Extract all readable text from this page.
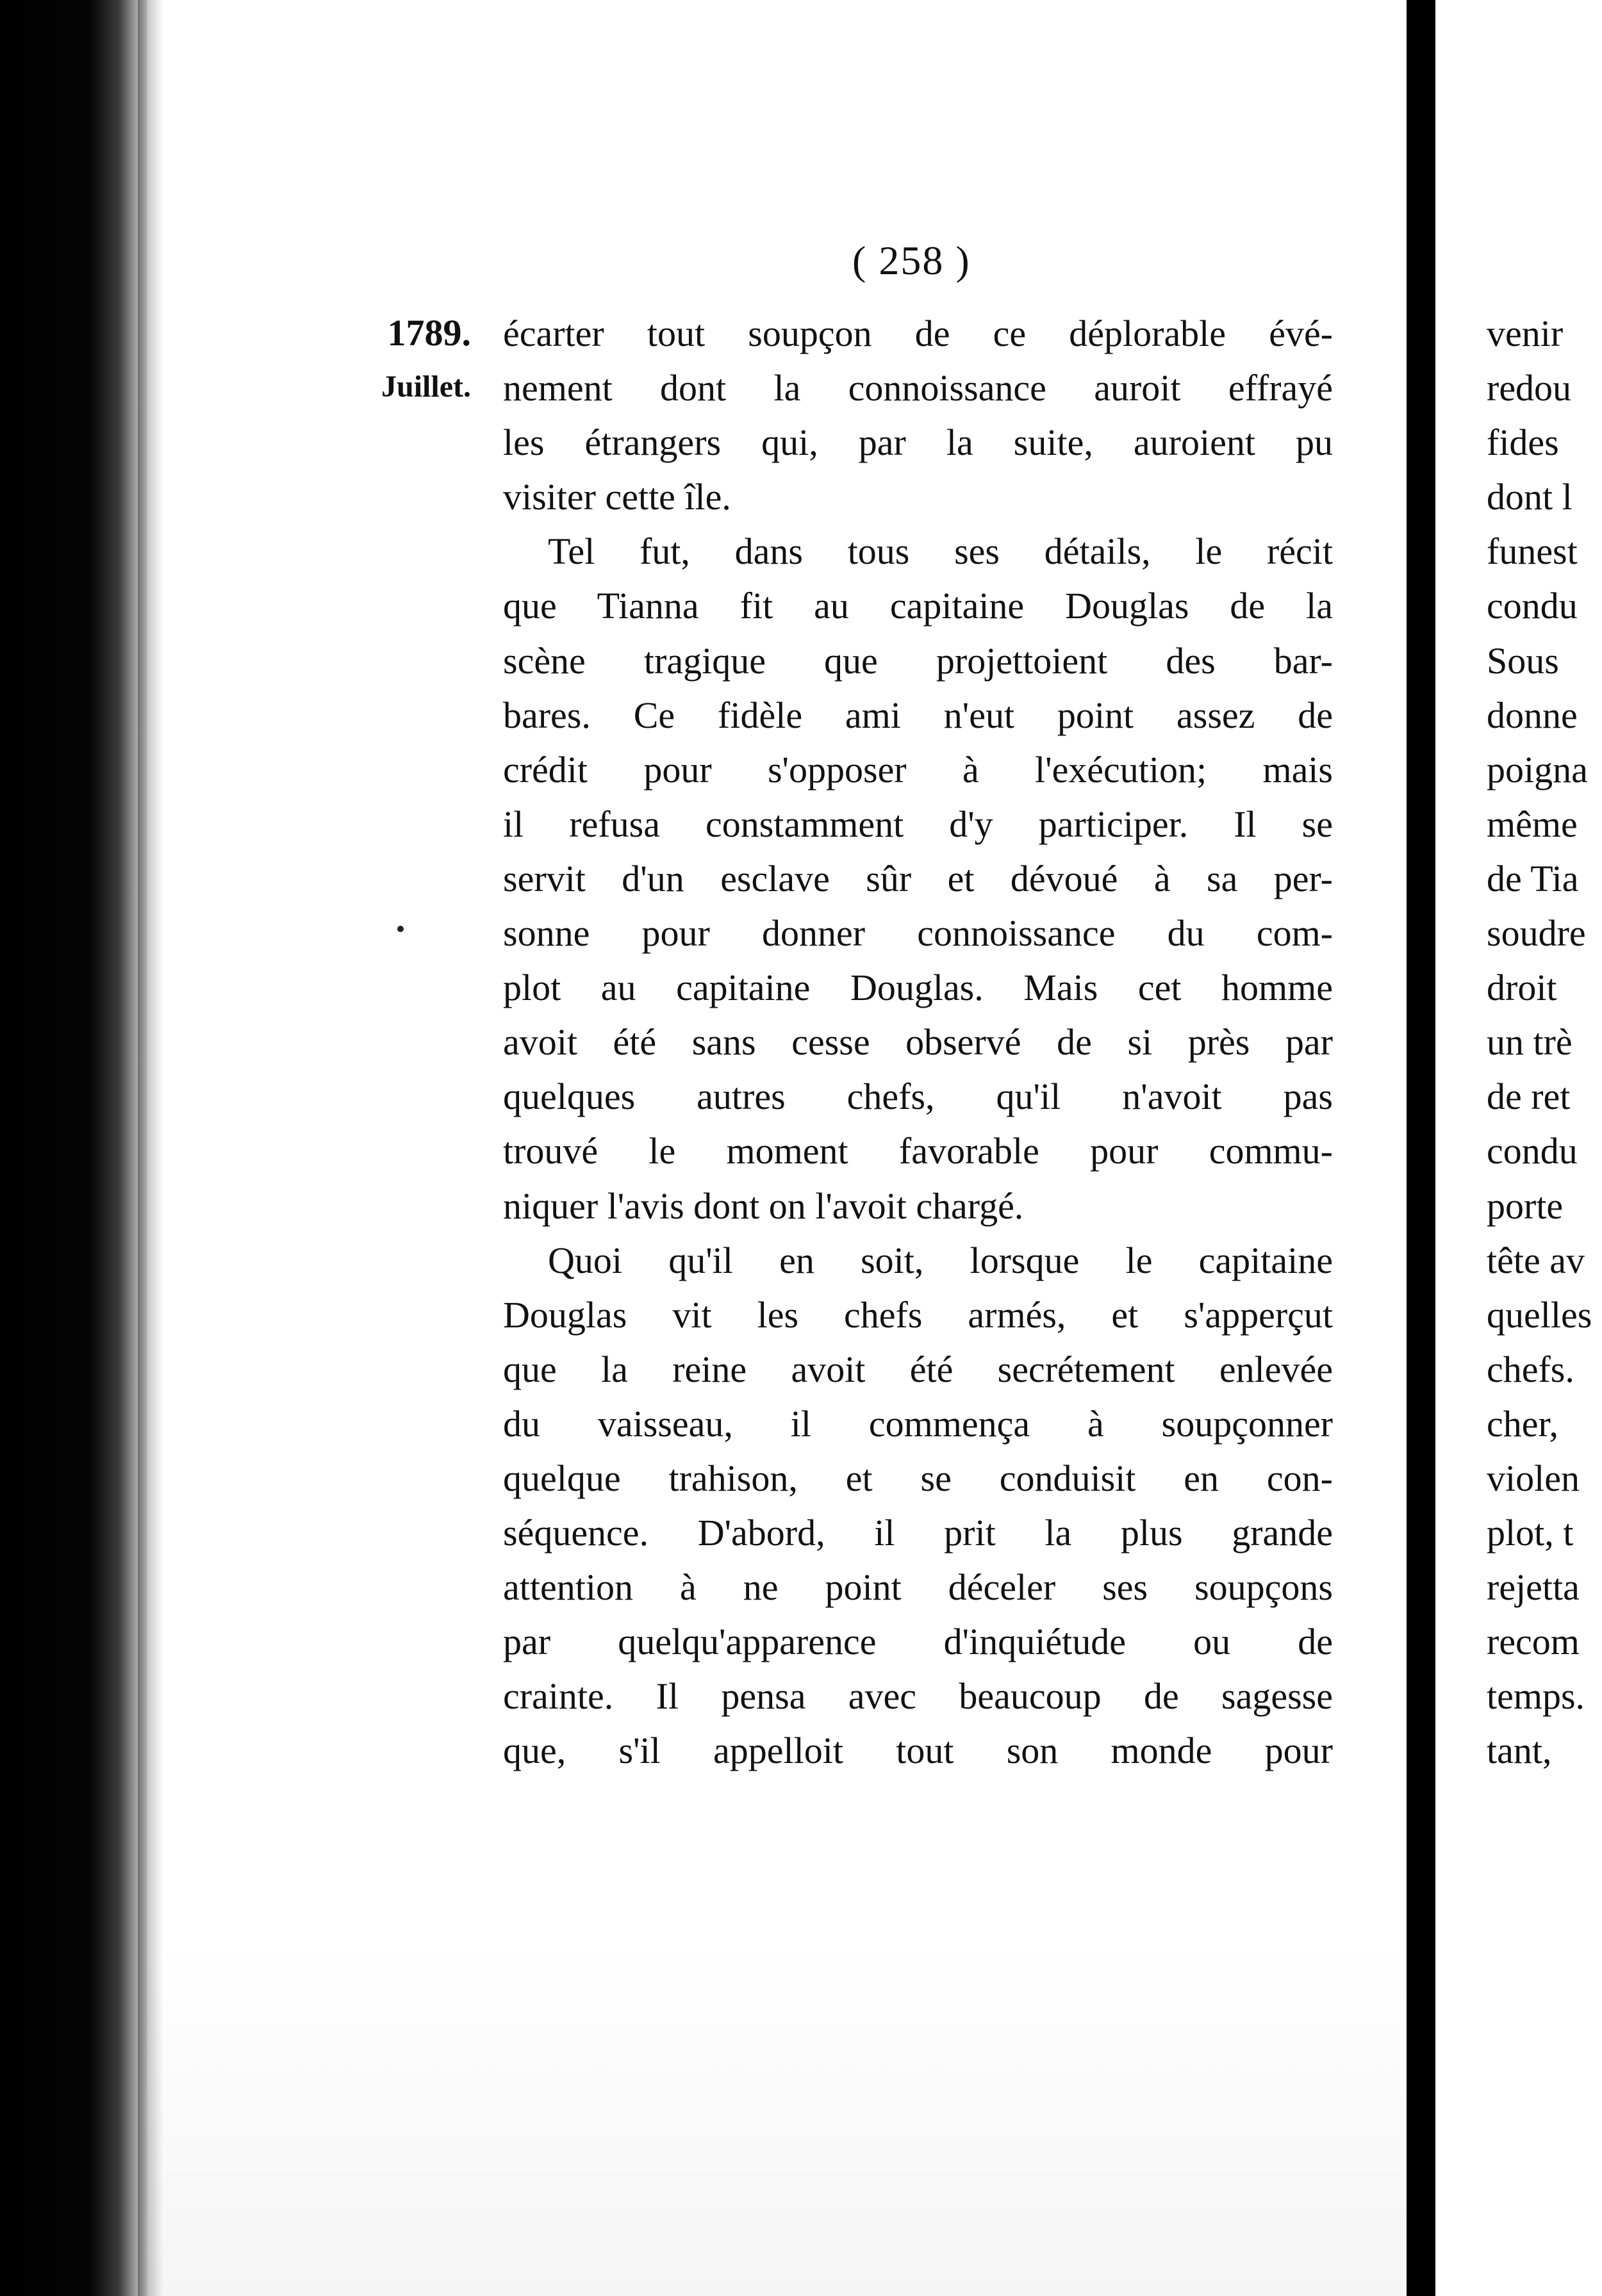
( 258 )
1789.
Juillet.
écarter tout soupçon de ce déplorable évé-
nement dont la connoissance auroit effrayé
les étrangers qui, par la suite, auroient pu
visiter cette île.
Tel fut, dans tous ses détails, le récit
que Tianna fit au capitaine Douglas de la
scène tragique que projettoient des bar-
bares. Ce fidèle ami n'eut point assez de
crédit pour s'opposer à l'exécution; mais
il refusa constamment d'y participer. Il se
servit d'un esclave sûr et dévoué à sa per-
sonne pour donner connoissance du com-
plot au capitaine Douglas. Mais cet homme
avoit été sans cesse observé de si près par
quelques autres chefs, qu'il n'avoit pas
trouvé le moment favorable pour commu-
niquer l'avis dont on l'avoit chargé.
Quoi qu'il en soit, lorsque le capitaine
Douglas vit les chefs armés, et s'apperçut
que la reine avoit été secrétement enlevée
du vaisseau, il commença à soupçonner
quelque trahison, et se conduisit en con-
séquence. D'abord, il prit la plus grande
attention à ne point déceler ses soupçons
par quelqu'apparence d'inquiétude ou de
crainte. Il pensa avec beaucoup de sagesse
que, s'il appelloit tout son monde pour
venir
redou
fides
dont l
funest
condu
Sous
donne
poigna
même
de Tia
soudre
droit
un trè
de ret
condu
porte
tête av
quelles
chefs.
cher,
violen
plot, t
rejetta
recom
temps.
tant,
